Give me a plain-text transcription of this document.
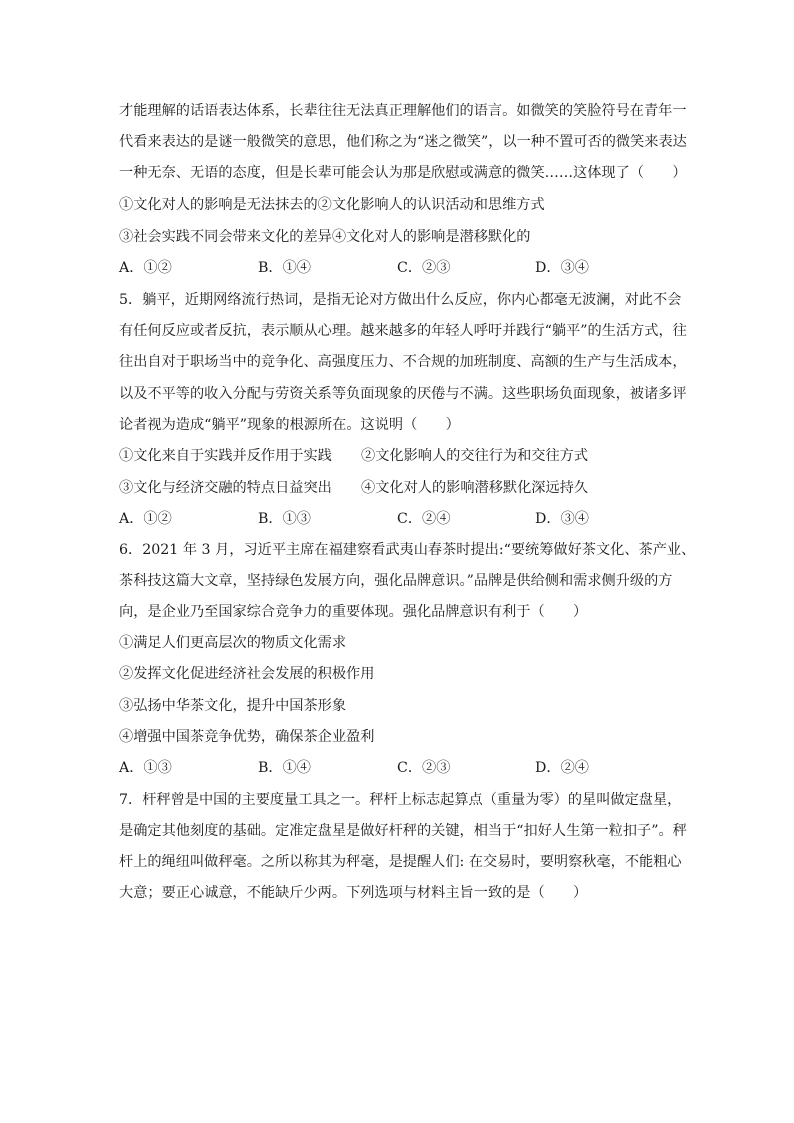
才能理解的话语表达体系，长辈往往无法真正理解他们的语言。如微笑的笑脸符号在青年一
代看来表达的是谜一般微笑的意思，他们称之为“迷之微笑”，以一种不置可否的微笑来表达
一种无奈、无语的态度，但是长辈可能会认为那是欣慰或满意的微笑……这体现了（　　）
①文化对人的影响是无法抹去的②文化影响人的认识活动和思维方式
③社会实践不同会带来文化的差异④文化对人的影响是潜移默化的
A．①②	B．①④	C．②③	D．③④
5．躺平，近期网络流行热词，是指无论对方做出什么反应，你内心都毫无波澜，对此不会
有任何反应或者反抗，表示顺从心理。越来越多的年轻人呼吁并践行“躺平”的生活方式，往
往出自对于职场当中的竞争化、高强度压力、不合规的加班制度、高额的生产与生活成本，
以及不平等的收入分配与劳资关系等负面现象的厌倦与不满。这些职场负面现象，被诸多评
论者视为造成“躺平”现象的根源所在。这说明（　　）
①文化来自于实践并反作用于实践 ②文化影响人的交往行为和交往方式
③文化与经济交融的特点日益突出 ④文化对人的影响潜移默化深远持久
A．①②	B．①③	C．②④	D．③④
6．2021 年 3 月，习近平主席在福建察看武夷山春茶时提出:“要统筹做好茶文化、茶产业、
茶科技这篇大文章，坚持绿色发展方向，强化品牌意识。”品牌是供给侧和需求侧升级的方
向，是企业乃至国家综合竞争力的重要体现。强化品牌意识有利于（　　）
①满足人们更高层次的物质文化需求
②发挥文化促进经济社会发展的积极作用
③弘扬中华茶文化，提升中国茶形象
④增强中国茶竞争优势，确保茶企业盈利
A．①③	B．①④	C．②③	D．②④
7．杆秤曾是中国的主要度量工具之一。秤杆上标志起算点（重量为零）的星叫做定盘星，
是确定其他刻度的基础。定准定盘星是做好杆秤的关键，相当于“扣好人生第一粒扣子”。秤
杆上的绳纽叫做秤毫。之所以称其为秤毫，是提醒人们: 在交易时，要明察秋毫，不能粗心
大意；要正心诚意，不能缺斤少两。下列选项与材料主旨一致的是（　　）
